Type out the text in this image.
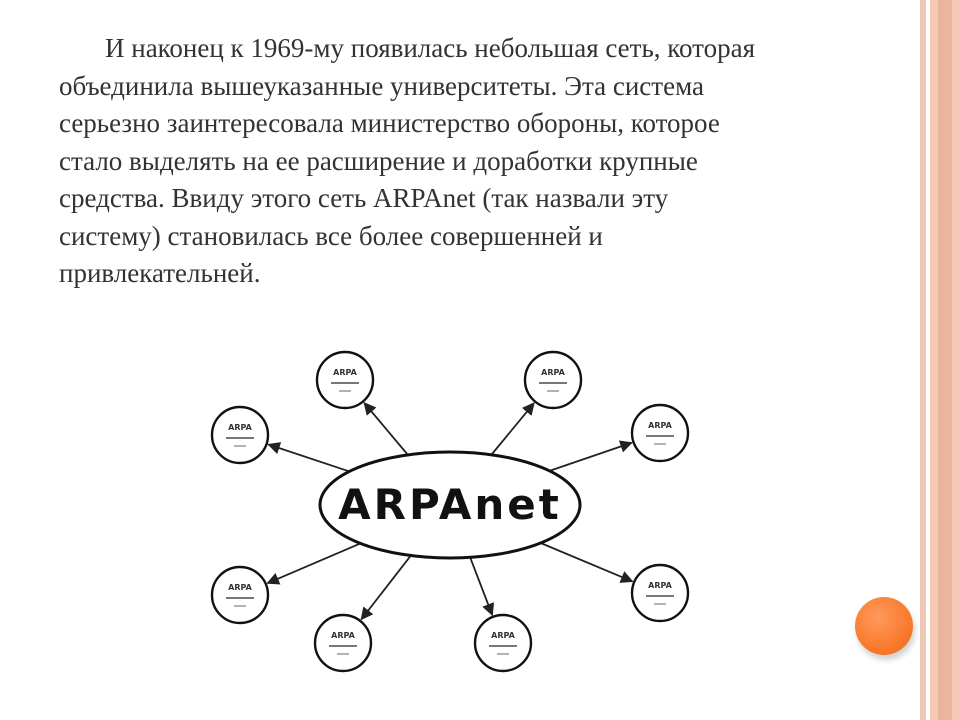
И наконец к 1969-му появилась небольшая сеть, которая
объединила вышеуказанные университеты. Эта система
серьезно заинтересовала министерство обороны, которое
стало выделять на ее расширение и доработки крупные
средства. Ввиду этого сеть ARPAnet (так назвали эту
систему) становилась все более совершенней и
привлекательней.

ARPAnet
ARPA	ARPA
ARPA	ARPA
ARPA	ARPA
ARPA	ARPA
